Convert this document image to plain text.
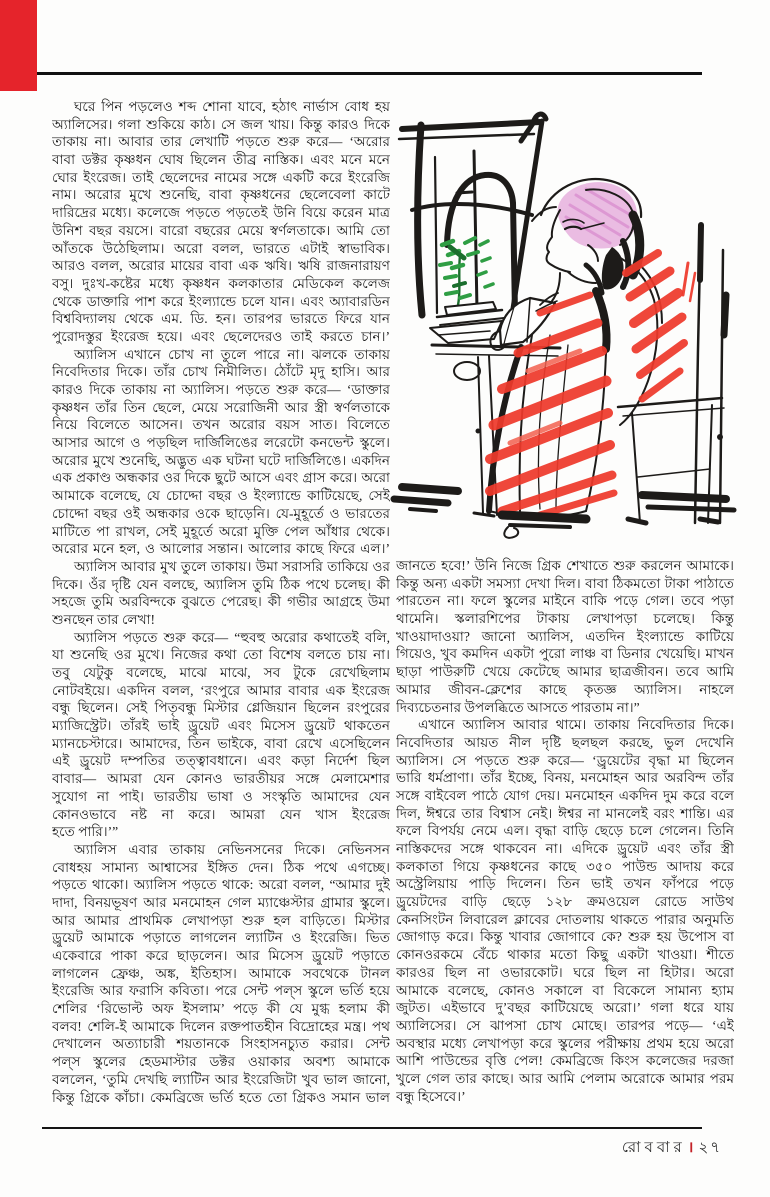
ঘরে পিন পড়লেও শব্দ শোনা যাবে, হঠাৎ নার্ভাস বোধ হয়
অ্যালিসের। গলা শুকিয়ে কাঠ। সে জল খায়। কিন্তু কারও দিকে
তাকায় না। আবার তার লেখাটি পড়তে শুরু করে— ‘অরোর
বাবা ডক্টর কৃষ্ণধন ঘোষ ছিলেন তীব্র নাস্তিক। এবং মনে মনে
ঘোর ইংরেজ। তাই ছেলেদের নামের সঙ্গে একটি করে ইংরেজি
নাম। অরোর মুখে শুনেছি, বাবা কৃষ্ণধনের ছেলেবেলা কাটে
দারিদ্রের মধ্যে। কলেজে পড়তে পড়তেই উনি বিয়ে করেন মাত্র
উনিশ বছর বয়সে। বারো বছরের মেয়ে স্বর্ণলতাকে। আমি তো
আঁতকে উঠেছিলাম। অরো বলল, ভারতে এটাই স্বাভাবিক।
আরও বলল, অরোর মায়ের বাবা এক ঋষি। ঋষি রাজনারায়ণ
বসু। দুঃখ-কষ্টের মধ্যে কৃষ্ণধন কলকাতার মেডিকেল কলেজ
থেকে ডাক্তারি পাশ করে ইংল্যান্ডে চলে যান। এবং অ্যাবারডিন
বিশ্ববিদ্যালয় থেকে এম. ডি. হন। তারপর ভারতে ফিরে যান
পুরোদস্তুর ইংরেজ হয়ে। এবং ছেলেদেরও তাই করতে চান।’
অ্যালিস এখানে চোখ না তুলে পারে না। ঝলকে তাকায়
নিবেদিতার দিকে। তাঁর চোখ নিমীলিত। ঠোঁটে মৃদু হাসি। আর
কারও দিকে তাকায় না অ্যালিস। পড়তে শুরু করে— ‘ডাক্তার
কৃষ্ণধন তাঁর তিন ছেলে, মেয়ে সরোজিনী আর স্ত্রী স্বর্ণলতাকে
নিয়ে বিলেতে আসেন। তখন অরোর বয়স সাত। বিলেতে
আসার আগে ও পড়ছিল দার্জিলিঙের লরেটো কনভেন্ট স্কুলে।
অরোর মুখে শুনেছি, অদ্ভুত এক ঘটনা ঘটে দার্জিলিঙে। একদিন
এক প্রকাণ্ড অন্ধকার ওর দিকে ছুটে আসে এবং গ্রাস করে। অরো
আমাকে বলেছে, যে চোদ্দো বছর ও ইংল্যান্ডে কাটিয়েছে, সেই
চোদ্দো বছর ওই অন্ধকার ওকে ছাড়েনি। যে-মুহূর্তে ও ভারতের
মাটিতে পা রাখল, সেই মুহূর্তে অরো মুক্তি পেল আঁধার থেকে।
অরোর মনে হল, ও আলোর সন্তান। আলোর কাছে ফিরে এল।’
অ্যালিস আবার মুখ তুলে তাকায়। উমা সরাসরি তাকিয়ে ওর
দিকে। ওঁর দৃষ্টি যেন বলছে, অ্যালিস তুমি ঠিক পথে চলেছ। কী
সহজে তুমি অরবিন্দকে বুঝতে পেরেছ। কী গভীর আগ্রহে উমা
শুনছেন তার লেখা!
অ্যালিস পড়তে শুরু করে— “হুবহু অরোর কথাতেই বলি,
যা শুনেছি ওর মুখে। নিজের কথা তো বিশেষ বলতে চায় না।
তবু যেটুকু বলেছে, মাঝে মাঝে, সব টুকে রেখেছিলাম
নোটবইয়ে। একদিন বলল, ‘রংপুরে আমার বাবার এক ইংরেজ
বন্ধু ছিলেন। সেই পিতৃবন্ধু মিস্টার গ্লেজিয়ান ছিলেন রংপুরের
ম্যাজিস্ট্রেট। তাঁরই ভাই ড্রুয়েট এবং মিসেস ড্রুয়েট থাকতেন
ম্যানচেস্টারে। আমাদের, তিন ভাইকে, বাবা রেখে এসেছিলেন
এই ড্রুয়েট দম্পতির তত্ত্বাবধানে। এবং কড়া নির্দেশ ছিল
বাবার— আমরা যেন কোনও ভারতীয়র সঙ্গে মেলামেশার
সুযোগ না পাই। ভারতীয় ভাষা ও সংস্কৃতি আমাদের যেন
কোনওভাবে নষ্ট না করে। আমরা যেন খাস ইংরেজ
হতে পারি।’”
অ্যালিস এবার তাকায় নেভিনসনের দিকে। নেভিনসন
বোধহয় সামান্য আশ্বাসের ইঙ্গিত দেন। ঠিক পথে এগচ্ছে।
পড়তে থাকো। অ্যালিস পড়তে থাকে: অরো বলল, “আমার দুই
দাদা, বিনয়ভূষণ আর মনমোহন গেল ম্যাঞ্চেস্টার গ্রামার স্কুলে।
আর আমার প্রাথমিক লেখাপড়া শুরু হল বাড়িতে। মিস্টার
ড্রুয়েট আমাকে পড়াতে লাগলেন ল্যাটিন ও ইংরেজি। ভিত
একেবারে পাকা করে ছাড়লেন। আর মিসেস ড্রুয়েট পড়াতে
লাগলেন ফ্রেঞ্চ, অঙ্ক, ইতিহাস। আমাকে সবথেকে টানল
ইংরেজি আর ফরাসি কবিতা। পরে সেন্ট পল্‌স স্কুলে ভর্তি হয়ে
শেলির ‘রিভোল্ট অফ ইসলাম’ পড়ে কী যে মুগ্ধ হলাম কী
বলব! শেলি-ই আমাকে দিলেন রক্তপাতহীন বিদ্রোহের মন্ত্র। পথ
দেখালেন অত্যাচারী শয়তানকে সিংহাসনচ্যুত করার। সেন্ট
পল্‌স স্কুলের হেডমাস্টার ডক্টর ওয়াকার অবশ্য আমাকে
বললেন, ‘তুমি দেখছি ল্যাটিন আর ইংরেজিটা খুব ভাল জানো,
কিন্তু গ্রিকে কাঁচা। কেমব্রিজে ভর্তি হতে তো গ্রিকও সমান ভাল
জানতে হবে!’ উনি নিজে গ্রিক শেখাতে শুরু করলেন আমাকে।
কিন্তু অন্য একটা সমস্যা দেখা দিল। বাবা ঠিকমতো টাকা পাঠাতে
পারতেন না। ফলে স্কুলের মাইনে বাকি পড়ে গেল। তবে পড়া
থামেনি। স্কলারশিপের টাকায় লেখাপড়া চলেছে। কিন্তু
খাওয়াদাওয়া? জানো অ্যালিস, এতদিন ইংল্যান্ডে কাটিয়ে
গিয়েও, খুব কমদিন একটা পুরো লাঞ্চ বা ডিনার খেয়েছি। মাখন
ছাড়া পাউরুটি খেয়ে কেটেছে আমার ছাত্রজীবন। তবে আমি
আমার জীবন-ক্লেশের কাছে কৃতজ্ঞ অ্যালিস। নাহলে
দিব্যচেতনার উপলব্ধিতে আসতে পারতাম না।”
এখানে অ্যালিস আবার থামে। তাকায় নিবেদিতার দিকে।
নিবেদিতার আয়ত নীল দৃষ্টি ছলছল করছে, ভুল দেখেনি
অ্যালিস। সে পড়তে শুরু করে— ‘ড্রুয়েটের বৃদ্ধা মা ছিলেন
ভারি ধর্মপ্রাণা। তাঁর ইচ্ছে, বিনয়, মনমোহন আর অরবিন্দ তাঁর
সঙ্গে বাইবেল পাঠে যোগ দেয়। মনমোহন একদিন দুম করে বলে
দিল, ঈশ্বরে তার বিশ্বাস নেই। ঈশ্বর না মানলেই বরং শান্তি। এর
ফলে বিপর্যয় নেমে এল। বৃদ্ধা বাড়ি ছেড়ে চলে গেলেন। তিনি
নাস্তিকদের সঙ্গে থাকবেন না। এদিকে ড্রুয়েট এবং তাঁর স্ত্রী
কলকাতা গিয়ে কৃষ্ণধনের কাছে ৩৫০ পাউন্ড আদায় করে
অস্ট্রেলিয়ায় পাড়ি দিলেন। তিন ভাই তখন ফাঁপরে পড়ে
ড্রুয়েটদের বাড়ি ছেড়ে ১২৮ ক্রমওয়েল রোডে সাউথ
কেনসিংটন লিবারেল ক্লাবের দোতলায় থাকতে পারার অনুমতি
জোগাড় করে। কিন্তু খাবার জোগাবে কে? শুরু হয় উপোস বা
কোনওরকমে বেঁচে থাকার মতো কিছু একটা খাওয়া। শীতে
কারওর ছিল না ওভারকোট। ঘরে ছিল না হিটার। অরো
আমাকে বলেছে, কোনও সকালে বা বিকেলে সামান্য হ্যাম
জুটত। এইভাবে দু’বছর কাটিয়েছে অরো।’ গলা ধরে যায়
অ্যালিসের। সে ঝাপসা চোখ মোছে। তারপর পড়ে— ‘এই
অবস্থার মধ্যে লেখাপড়া করে স্কুলের পরীক্ষায় প্রথম হয়ে অরো
আশি পাউন্ডের বৃত্তি পেল! কেমব্রিজে কিংস কলেজের দরজা
খুলে গেল তার কাছে। আর আমি পেলাম অরোকে আমার পরম
বন্ধু হিসেবে।’
রোববার । ২৭
